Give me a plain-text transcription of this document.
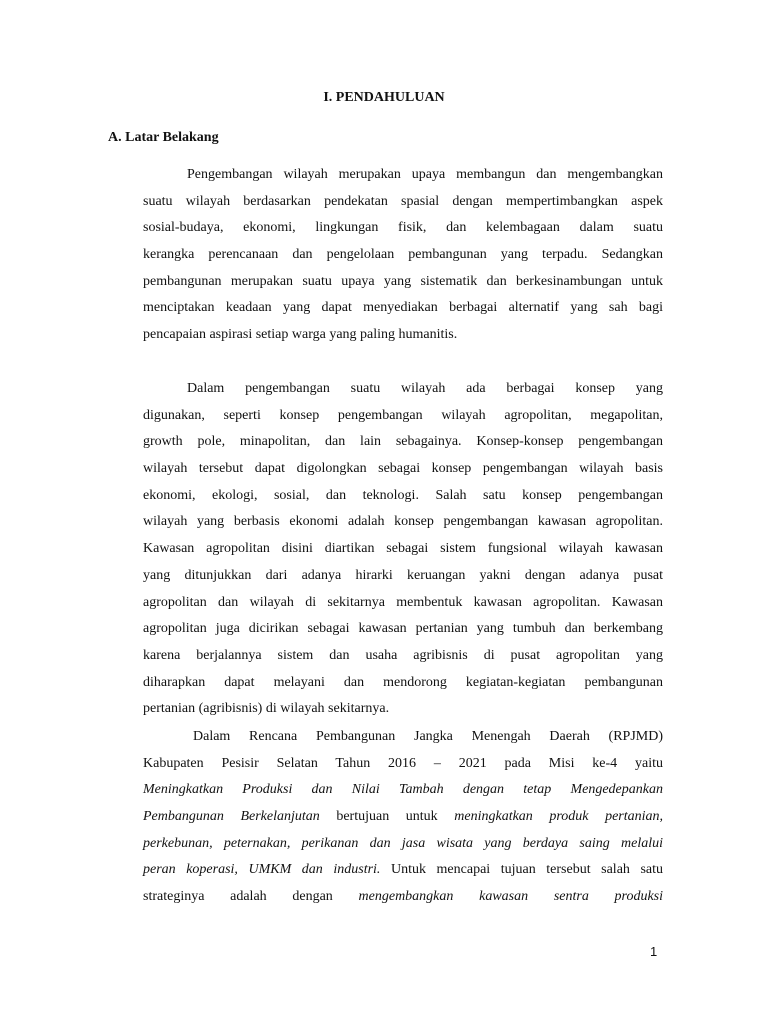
I. PENDAHULUAN
A. Latar Belakang

Pengembangan wilayah merupakan upaya membangun dan mengembangkan

suatu wilayah berdasarkan pendekatan spasial dengan mempertimbangkan aspek

sosial-budaya, ekonomi, lingkungan fisik, dan kelembagaan dalam suatu

kerangka perencanaan dan pengelolaan pembangunan yang terpadu. Sedangkan

pembangunan merupakan suatu upaya yang sistematik dan berkesinambungan untuk

menciptakan keadaan yang dapat menyediakan berbagai alternatif yang sah bagi

pencapaian aspirasi setiap warga yang paling humanitis.

Dalam pengembangan suatu wilayah ada berbagai konsep yang

digunakan, seperti konsep pengembangan wilayah agropolitan, megapolitan,

growth pole, minapolitan, dan lain sebagainya. Konsep-konsep pengembangan

wilayah tersebut dapat digolongkan sebagai konsep pengembangan wilayah basis

ekonomi, ekologi, sosial, dan teknologi. Salah satu konsep pengembangan

wilayah yang berbasis ekonomi adalah konsep pengembangan kawasan agropolitan.

Kawasan agropolitan disini diartikan sebagai sistem fungsional wilayah kawasan

yang ditunjukkan dari adanya hirarki keruangan yakni dengan adanya pusat

agropolitan dan wilayah di sekitarnya membentuk kawasan agropolitan. Kawasan

agropolitan juga dicirikan sebagai kawasan pertanian yang tumbuh dan berkembang

karena berjalannya sistem dan usaha agribisnis di pusat agropolitan yang

diharapkan dapat melayani dan mendorong kegiatan-kegiatan pembangunan

pertanian (agribisnis) di wilayah sekitarnya.

Dalam Rencana Pembangunan Jangka Menengah Daerah (RPJMD)

Kabupaten Pesisir Selatan Tahun 2016 – 2021 pada Misi ke-4 yaitu

Meningkatkan Produksi dan Nilai Tambah dengan tetap Mengedepankan

Pembangunan Berkelanjutan bertujuan untuk meningkatkan produk pertanian,

perkebunan, peternakan, perikanan dan jasa wisata yang berdaya saing melalui

peran koperasi, UMKM dan industri. Untuk mencapai tujuan tersebut salah satu

strateginya adalah dengan mengembangkan kawasan sentra produksi

1
